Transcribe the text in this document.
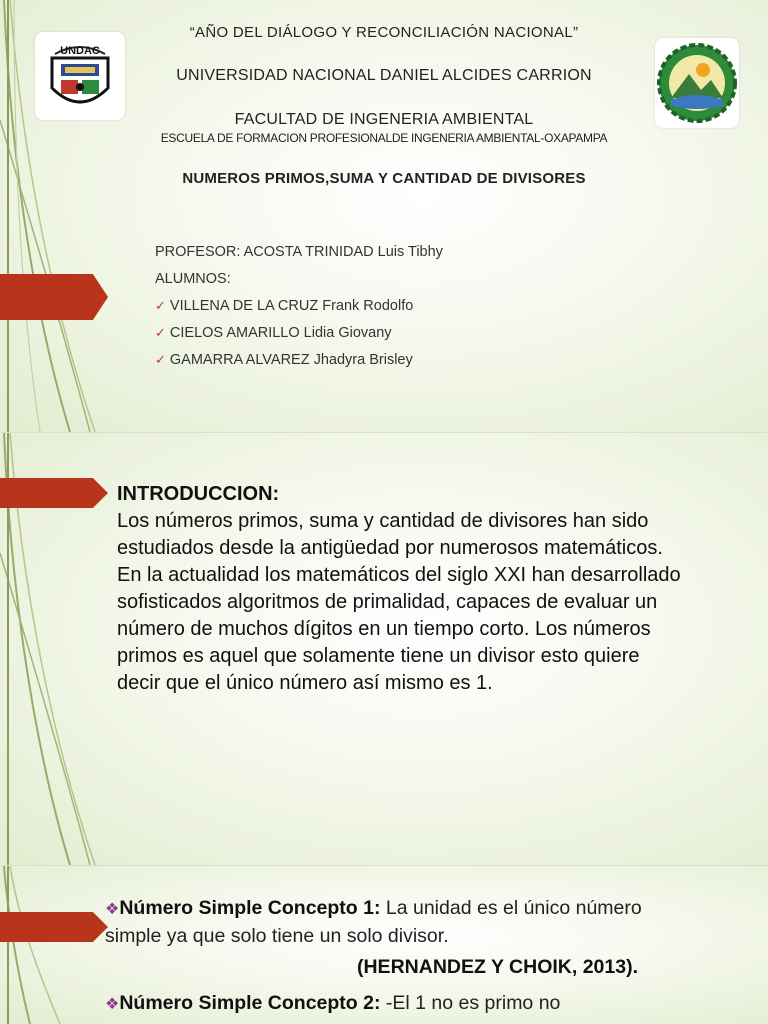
UNDAC
“AÑO DEL DIÁLOGO Y RECONCILIACIÓN NACIONAL”
UNIVERSIDAD NACIONAL DANIEL ALCIDES CARRION
FACULTAD DE INGENERIA AMBIENTAL
ESCUELA DE FORMACION PROFESIONALDE INGENERIA AMBIENTAL-OXAPAMPA
NUMEROS PRIMOS,SUMA Y CANTIDAD DE DIVISORES
PROFESOR: ACOSTA TRINIDAD Luis Tibhy
ALUMNOS:
✓ VILLENA DE LA CRUZ Frank Rodolfo
✓ CIELOS AMARILLO Lidia Giovany
✓ GAMARRA ALVAREZ Jhadyra Brisley
INTRODUCCION:

Los números primos, suma y cantidad de divisores han sido estudiados desde la antigüedad por numerosos matemáticos. En la actualidad los matemáticos del siglo XXI han desarrollado sofisticados algoritmos de primalidad, capaces de evaluar un número de muchos dígitos en un tiempo corto. Los números primos es aquel que solamente tiene un divisor esto quiere decir que el único número así mismo es 1.

❖Número Simple Concepto 1: La unidad es el único número simple ya que solo tiene un solo divisor.
(HERNANDEZ Y CHOIK, 2013).
❖Número Simple Concepto 2: -El 1 no es primo no
